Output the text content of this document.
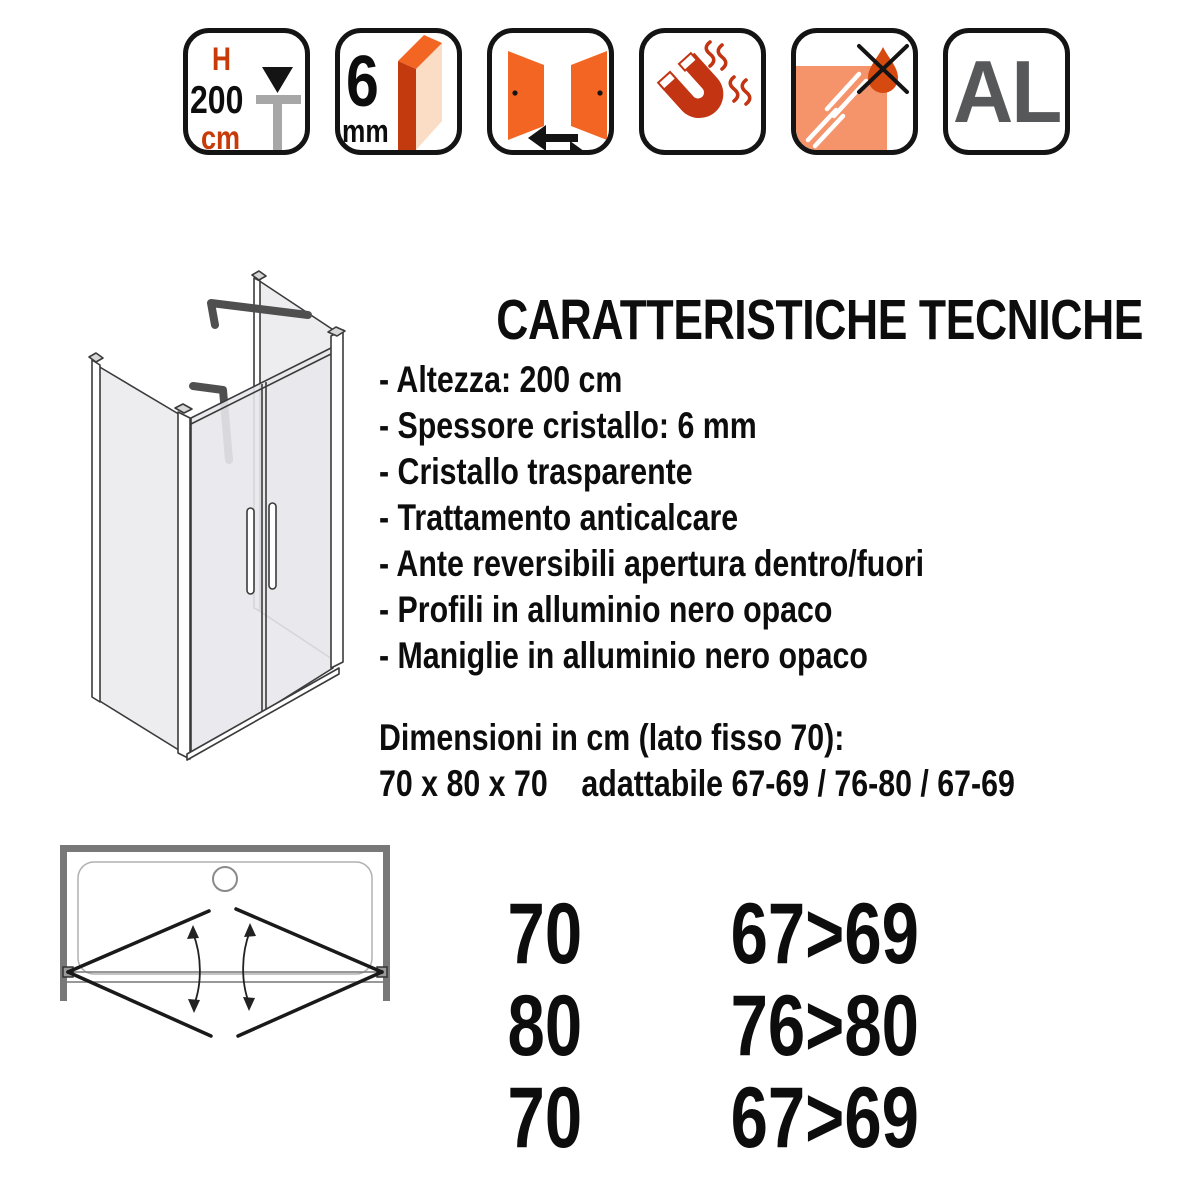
H
200
cm
6
mm	AL
CARATTERISTICHE TECNICHE
- Altezza: 200 cm
- Spessore cristallo: 6 mm
- Cristallo trasparente
- Trattamento anticalcare
- Ante reversibili apertura dentro/fuori
- Profili in alluminio nero opaco
- Maniglie in alluminio nero opaco
Dimensioni in cm (lato fisso 70):
70 x 80 x 70    adattabile 67-69 / 76-80 / 67-69
70	67>69
80	76>80
70	67>69
